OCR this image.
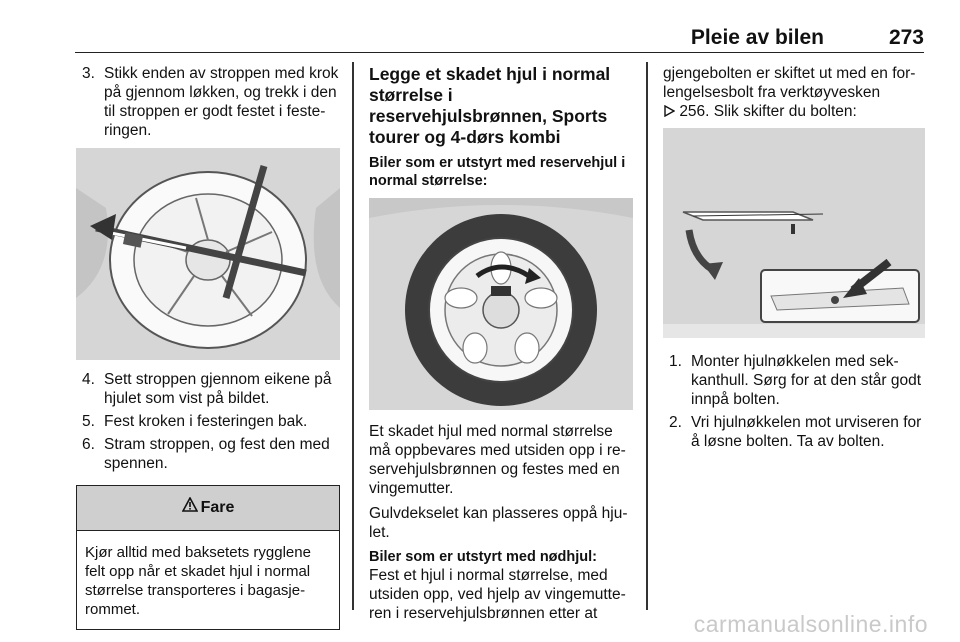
Pleie av bilen	273
3. Stikk enden av stroppen med krok på gjennom løkken, og trekk i den til stroppen er godt festet i festeringen.
4. Sett stroppen gjennom eikene på hjulet som vist på bildet.
5. Fest kroken i festeringen bak.
6. Stram stroppen, og fest den med spennen.
Fare
Kjør alltid med baksetets rygglene felt opp når et skadet hjul i normal størrelse transporteres i bagasjerommet.
Legge et skadet hjul i normal størrelse i reservehjulsbrønnen, Sports tourer og 4-dørs kombi
Biler som er utstyrt med reservehjul i normal størrelse:
Et skadet hjul med normal størrelse må oppbevares med utsiden opp i reservehjulsbrønnen og festes med en vingemutter.
Gulvdekselet kan plasseres oppå hjulet.
Biler som er utstyrt med nødhjul:
Fest et hjul i normal størrelse, med utsiden opp, ved hjelp av vingemutteren i reservehjulsbrønnen etter at
gjengebolten er skiftet ut med en forlengelsesbolt fra verktøyvesken
256. Slik skifter du bolten:
1. Monter hjulnøkkelen med sekkanthull. Sørg for at den står godt innpå bolten.
2. Vri hjulnøkkelen mot urviseren for å løsne bolten. Ta av bolten.
carmanualsonline.info
